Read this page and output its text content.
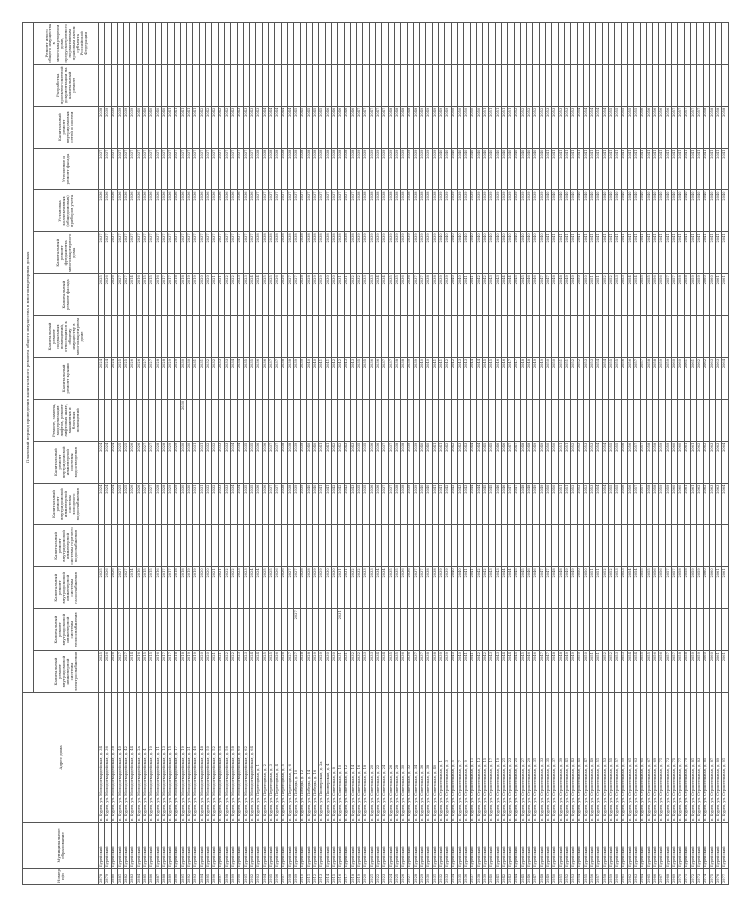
Номер п/п	Муниципальное образование	Адрес дома	Плановый период проведения капитального ремонта общего имущества в многоквартирных домах															
			Капитальный ремонт внутридомовой инженерной системы электроснабжения	Капитальный ремонт внутридомовой инженерной системы теплоснабжения	Капитальный ремонт внутридомовой инженерной системы газоснабжения	Капитальный ремонт внутридомовой инженерной системы горячего водоснабжения	Капитальный ремонт внутридомовой инженерной системы холодного водоснабжения	Капитальный ремонт внутридомовой инженерной системы водоотведения	Ремонт, замена, модернизация лифтов, ремонт лифтовых шахт, машинных и блочных помещений	Капитальный ремонт крыши	Капитальный ремонт подвальных помещений, относящихся к общему имуществу в многоквартирном доме	Капитальный ремонт фасада	Капитальный ремонт фундамента многоквартирного дома	Установка коллективных (общедомовых) приборов учета	Утепление и ремонт фасада	Капитальный ремонт внутридомовых сетей и систем	Разработка проектно-сметной документации на капитальный ремонт	Ремонт иного общего имущества в многоквартирном доме, предусмотренного нормативным правовым актом субъекта Российской Федерации
2878	Бурейский	п. Бурея, ул. Молодогвардейская, д. 34	2025		2025		2024	2024		2024		2025	2037	2036	2037	2038		
2879	Бурейский	п. Бурея, ул. Молодогвардейская, д. 36	2026		2026		2024	2024		2024		2026	2037	2036	2037	2039		
2880	Бурейский	п. Бурея, ул. Молодогвардейская, д. 38	2026		2026		2024	2024		2024		2026	2037	2036	2037	2039		
2881	Бурейский	п. Бурея, ул. Молодогвардейская, д. 40	2027		2027		2025	2025		2025		2027	2037	2036	2037	2039		
2882	Бурейский	п. Бурея, ул. Молодогвардейская, д. 42	2027		2027		2025	2025		2025		2027	2037	2036	2037	2039		
2883	Бурейский	п. Бурея, ул. Молодогвардейская, д. 44	2014		2014		2026	2026		2026		2014	2037	2036	2037	2039		
2884	Бурейский	п. Бурея, ул. Молодогвардейская, д. 2а	2016		2016		2026	2026		2026		2016	2037	2036	2037	2040		
2885	Бурейский	п. Бурея, ул. Молодогвардейская, д. 4	2015		2015		2027	2027		2027		2015	2037	2036	2037	2040		
2886	Бурейский	п. Бурея, ул. Молодогвардейская, д. 10	2015		2015		2027	2027		2027		2015	2037	2036	2037	2040		
2887	Бурейский	п. Бурея, ул. Молодогвардейская, д. 11	2016		2016		2028	2028		2028		2016	2037	2036	2037	2040		
2888	Бурейский	п. Бурея, ул. Молодогвардейская, д. 13	2017		2017		2028	2028		2028		2017	2037	2036	2037	2040		
2889	Бурейский	п. Бурея, ул. Молодогвардейская, д. 15	2017		2017		2029	2029		2029		2017	2037	2036	2037	2041		
2890	Бурейский	п. Бурея, ул. Молодогвардейская, д. 17	2018		2018		2029	2029		2029		2018	2037	2036	2037	2041		
2891	Бурейский	п. Бурея, ул. Молодогвардейская, д. 19	2018		2018		2030	2030	2030	2030		2018	2037	2036	2037	2041		
2892	Бурейский	п. Бурея, ул. Молодогвардейская, д. 21	2019		2019		2030	2030		2030		2019	2037	2036	2037	2041		
2893	Бурейский	п. Бурея, ул. Молодогвардейская, д. 46	2019		2019		2031	2031		2031		2019	2037	2036	2037	2041		
2894	Бурейский	п. Бурея, ул. Молодогвардейская, д. 48	2020		2020		2031	2031		2031		2020	2037	2036	2037	2042		
2895	Бурейский	п. Бурея, ул. Молодогвардейская, д. 50	2020		2020		2032	2032		2032		2020	2037	2036	2037	2042		
2896	Бурейский	п. Бурея, ул. Молодогвардейская, д. 52	2021		2021		2032	2032		2032		2021	2037	2036	2037	2042		
2897	Бурейский	п. Бурея, ул. Молодогвардейская, д. 54	2021		2021		2033	2033		2033		2021	2037	2036	2037	2042		
2898	Бурейский	п. Бурея, ул. Молодогвардейская, д. 56	2022		2022		2033	2033		2033		2022	2037	2036	2037	2042		
2899	Бурейский	п. Бурея, ул. Молодогвардейская, д. 58	2022		2022		2034	2034		2034		2022	2037	2036	2037	2043		
2900	Бурейский	п. Бурея, ул. Молодогвардейская, д. 60	2023		2023		2034	2034		2034		2023	2037	2036	2037	2043		
2901	Бурейский	п. Бурея, ул. Молодогвардейская, д. 62	2023		2023		2035	2035		2035		2023	2037	2036	2037	2043		
2902	Бурейский	п. Бурея, ул. Молодогвардейская, д. 64	2024		2024		2035	2035		2035		2024	2037	2036	2037	2043		
2903	Бурейский	п. Бурея, ул. Переездная, д. 1	2024		2024		2036	2036		2036		2024	2038	2037	2038	2043		
2904	Бурейский	п. Бурея, ул. Переездная, д. 2	2025		2025		2036	2036		2036		2025	2038	2037	2038	2044		
2905	Бурейский	п. Бурея, ул. Переездная, д. 3	2025		2025		2037	2037		2037		2025	2038	2037	2038	2044		
2906	Бурейский	п. Бурея, ул. Переездная, д. 4	2026		2026		2037	2037		2037		2026	2038	2037	2038	2044		
2907	Бурейский	п. Бурея, ул. Переездная, д. 5	2026		2026		2038	2038		2038		2026	2038	2037	2038	2044		
2908	Бурейский	п. Бурея, ул. Переездная, д. 6	2027		2027		2038	2038		2038		2027	2038	2037	2038	2044		
2909	Бурейский	п. Бурея, ул. Победы, д. 10	2027	2027	2027		2039	2039		2039		2027	2038	2037	2038	2045		
2910	Бурейский	п. Бурея, ул. Победы, д. 12	2028		2028		2039	2039		2039		2028	2038	2037	2038	2045		
2911	Бурейский	п. Бурея, ул. Победы, д. 14	2028		2028		2040	2040		2040		2028	2038	2037	2038	2045		
2912	Бурейский	п. Бурея, ул. Победы, д. 16	2029		2029		2040	2040		2040		2029	2038	2037	2038	2045		
2913	Бурейский	п. Бурея, ул. Пионерская, д. 2а	2029		2029		2041	2041		2041		2029	2038	2037	2038	2045		
2914	Бурейский	п. Бурея, ул. Пионерская, д. 4	2030		2030		2041	2041		2041		2030	2038	2037	2038	2046		
2915	Бурейский	п. Бурея, ул. Советская, д. 8	2030		2030		2042	2042		2042		2030	2038	2037	2038	2046		
2916	Бурейский	п. Бурея, ул. Советская, д. 10	2031	2031	2031		2042	2042		2042		2031	2038	2037	2038	2046		
2917	Бурейский	п. Бурея, ул. Советская, д. 12	2031		2031		2043	2043		2043		2031	2038	2037	2038	2046		
2918	Бурейский	п. Бурея, ул. Советская, д. 14	2032		2032		2043	2043		2043		2032	2038	2037	2038	2046		
2919	Бурейский	п. Бурея, ул. Советская, д. 16	2032		2032		2035	2035		2035		2032	2039	2038	2039	2047		
2920	Бурейский	п. Бурея, ул. Советская, д. 18	2033		2033		2035	2035		2035		2033	2039	2038	2039	2047		
2921	Бурейский	п. Бурея, ул. Советская, д. 20	2033		2033		2036	2036		2036		2033	2039	2038	2039	2047		
2922	Бурейский	п. Бурея, ул. Советская, д. 22	2034		2034		2036	2036		2036		2034	2039	2038	2039	2047		
2923	Бурейский	п. Бурея, ул. Советская, д. 24	2034		2034		2037	2037		2037		2034	2039	2038	2039	2047		
2924	Бурейский	п. Бурея, ул. Советская, д. 26	2035		2035		2037	2037		2037		2035	2039	2038	2039	2048		
2925	Бурейский	п. Бурея, ул. Советская, д. 28	2035		2035		2038	2038		2038		2035	2039	2038	2039	2048		
2926	Бурейский	п. Бурея, ул. Советская, д. 30	2036		2036		2038	2038		2038		2036	2039	2038	2039	2048		
2927	Бурейский	п. Бурея, ул. Советская, д. 32	2036		2036		2039	2039		2039		2036	2039	2038	2039	2048		
2928	Бурейский	п. Бурея, ул. Советская, д. 34	2037		2037		2039	2039		2039		2037	2039	2038	2039	2048		
2929	Бурейский	п. Бурея, ул. Советская, д. 36	2037		2037		2040	2040		2040		2037	2039	2038	2039	2049		
2930	Бурейский	п. Бурея, ул. Советская, д. 38	2038		2038		2040	2040		2040		2038	2039	2038	2039	2049		
2931	Бурейский	п. Бурея, ул. Советская, д. 40	2038		2038		2041	2041		2041		2038	2039	2038	2039	2049		
2932	Бурейский	п. Бурея, ул. Строительная, д. 1	2039		2039		2041	2041		2041		2039	2040	2039	2040	2049		
2933	Бурейский	п. Бурея, ул. Строительная, д. 3	2039		2039		2042	2042		2042		2039	2040	2039	2040	2049		
2934	Бурейский	п. Бурея, ул. Строительная, д. 5	2040		2040		2042	2042		2042		2040	2040	2039	2040	2050		
2935	Бурейский	п. Бурея, ул. Строительная, д. 7	2040		2040		2043	2043		2043		2040	2040	2039	2040	2050		
2936	Бурейский	п. Бурея, ул. Строительная, д. 9	2041		2041		2043	2043		2043		2041	2040	2039	2040	2050		
2937	Бурейский	п. Бурея, ул. Строительная, д. 11	2041		2041		2044	2044		2044		2041	2040	2039	2040	2050		
2938	Бурейский	п. Бурея, ул. Строительная, д. 13	2042		2042		2044	2044		2044		2042	2040	2039	2040	2050		
2939	Бурейский	п. Бурея, ул. Строительная, д. 15	2042		2042		2045	2045		2045		2042	2040	2039	2040	2051		
2940	Бурейский	п. Бурея, ул. Строительная, д. 17	2043		2043		2045	2045		2045		2043	2040	2039	2040	2051		
2941	Бурейский	п. Бурея, ул. Строительная, д. 19	2043		2043		2046	2046		2046		2043	2040	2039	2040	2051		
2942	Бурейский	п. Бурея, ул. Строительная, д. 21	2044		2044		2046	2046		2046		2044	2040	2039	2040	2051		
2943	Бурейский	п. Бурея, ул. Строительная, д. 23	2044		2044		2047	2047		2047		2044	2040	2039	2040	2051		
2944	Бурейский	п. Бурея, ул. Строительная, д. 25	2045		2045		2047	2047		2047		2045	2040	2039	2040	2052		
2945	Бурейский	п. Бурея, ул. Строительная, д. 27	2045		2045		2048	2048		2048		2045	2040	2039	2040	2052		
2946	Бурейский	п. Бурея, ул. Строительная, д. 29	2046		2046		2048	2048		2048		2046	2040	2039	2040	2052		
2947	Бурейский	п. Бурея, ул. Строительная, д. 31	2046		2046		2049	2049		2049		2046	2040	2039	2040	2052		
2948	Бурейский	п. Бурея, ул. Строительная, д. 33	2047		2047		2049	2049		2049		2047	2040	2039	2040	2052		
2949	Бурейский	п. Бурея, ул. Строительная, д. 35	2047		2047		2050	2050		2050		2047	2041	2040	2041	2053		
2950	Бурейский	п. Бурея, ул. Строительная, д. 37	2048		2048		2050	2050		2050		2048	2041	2040	2041	2053		
2951	Бурейский	п. Бурея, ул. Строительная, д. 39	2048		2048		2051	2051		2051		2048	2041	2040	2041	2053		
2952	Бурейский	п. Бурея, ул. Строительная, д. 41	2049		2049		2051	2051		2051		2049	2041	2040	2041	2053		
2953	Бурейский	п. Бурея, ул. Строительная, д. 43	2049		2049		2052	2052		2052		2049	2041	2040	2041	2053		
2954	Бурейский	п. Бурея, ул. Строительная, д. 45	2050		2050		2052	2052		2052		2050	2041	2040	2041	2054		
2955	Бурейский	п. Бурея, ул. Строительная, д. 47	2050		2050		2053	2053		2053		2050	2041	2040	2041	2054		
2956	Бурейский	п. Бурея, ул. Строительная, д. 49	2051		2051		2053	2053		2053		2051	2041	2040	2041	2054		
2957	Бурейский	п. Бурея, ул. Строительная, д. 51	2051		2051		2054	2054		2054		2051	2041	2040	2041	2054		
2958	Бурейский	п. Бурея, ул. Строительная, д. 53	2052		2052		2054	2054		2054		2052	2041	2040	2041	2054		
2959	Бурейский	п. Бурея, ул. Строительная, д. 55	2052		2052		2055	2055		2055		2052	2041	2040	2041	2055		
2960	Бурейский	п. Бурея, ул. Строительная, д. 57	2053		2053		2055	2055		2055		2053	2041	2040	2041	2055		
2961	Бурейский	п. Бурея, ул. Строительная, д. 59	2053		2053		2056	2056		2056		2053	2041	2040	2041	2055		
2962	Бурейский	п. Бурея, ул. Строительная, д. 61	2054		2054		2056	2056		2056		2054	2041	2040	2041	2055		
2963	Бурейский	п. Бурея, ул. Строительная, д. 63	2054		2054		2057	2057		2057		2054	2041	2040	2041	2055		
2964	Бурейский	п. Бурея, ул. Строительная, д. 65	2055		2055		2057	2057		2057		2055	2041	2040	2041	2056		
2965	Бурейский	п. Бурея, ул. Строительная, д. 67	2055		2055		2058	2058		2058		2055	2041	2040	2041	2056		
2966	Бурейский	п. Бурея, ул. Строительная, д. 69	2056		2056		2058	2058		2058		2056	2041	2040	2041	2056		
2967	Бурейский	п. Бурея, ул. Строительная, д. 71	2056		2056		2059	2059		2059		2056	2041	2040	2041	2056		
2968	Бурейский	п. Бурея, ул. Строительная, д. 73	2057		2057		2059	2059		2059		2057	2041	2040	2041	2056		
2969	Бурейский	п. Бурея, ул. Строительная, д. 75	2057		2057		2060	2060		2060		2057	2041	2040	2041	2057		
2970	Бурейский	п. Бурея, ул. Строительная, д. 77	2058		2058		2060	2060		2060		2058	2041	2040	2041	2057		
2971	Бурейский	п. Бурея, ул. Строительная, д. 79	2058		2058		2061	2061		2061		2058	2041	2040	2041	2057		
2972	Бурейский	п. Бурея, ул. Строительная, д. 81	2059		2059		2061	2061		2061		2059	2041	2040	2041	2057		
2973	Бурейский	п. Бурея, ул. Строительная, д. 83	2059		2059		2062	2062		2062		2059	2041	2040	2041	2057		
2974	Бурейский	п. Бурея, ул. Строительная, д. 85	2060		2060		2062	2062		2062		2060	2041	2040	2041	2058		
2975	Бурейский	п. Бурея, ул. Строительная, д. 87	2060		2060		2063	2063		2063		2060	2041	2040	2041	2058		
2976	Бурейский	п. Бурея, ул. Строительная, д. 89	2061		2061		2063	2063		2063		2061	2041	2040	2041	2058		
2977	Бурейский	п. Бурея, ул. Строительная, д. 91	2061		2061		2064	2064		2064		2061	2041	2040	2041	2058		
